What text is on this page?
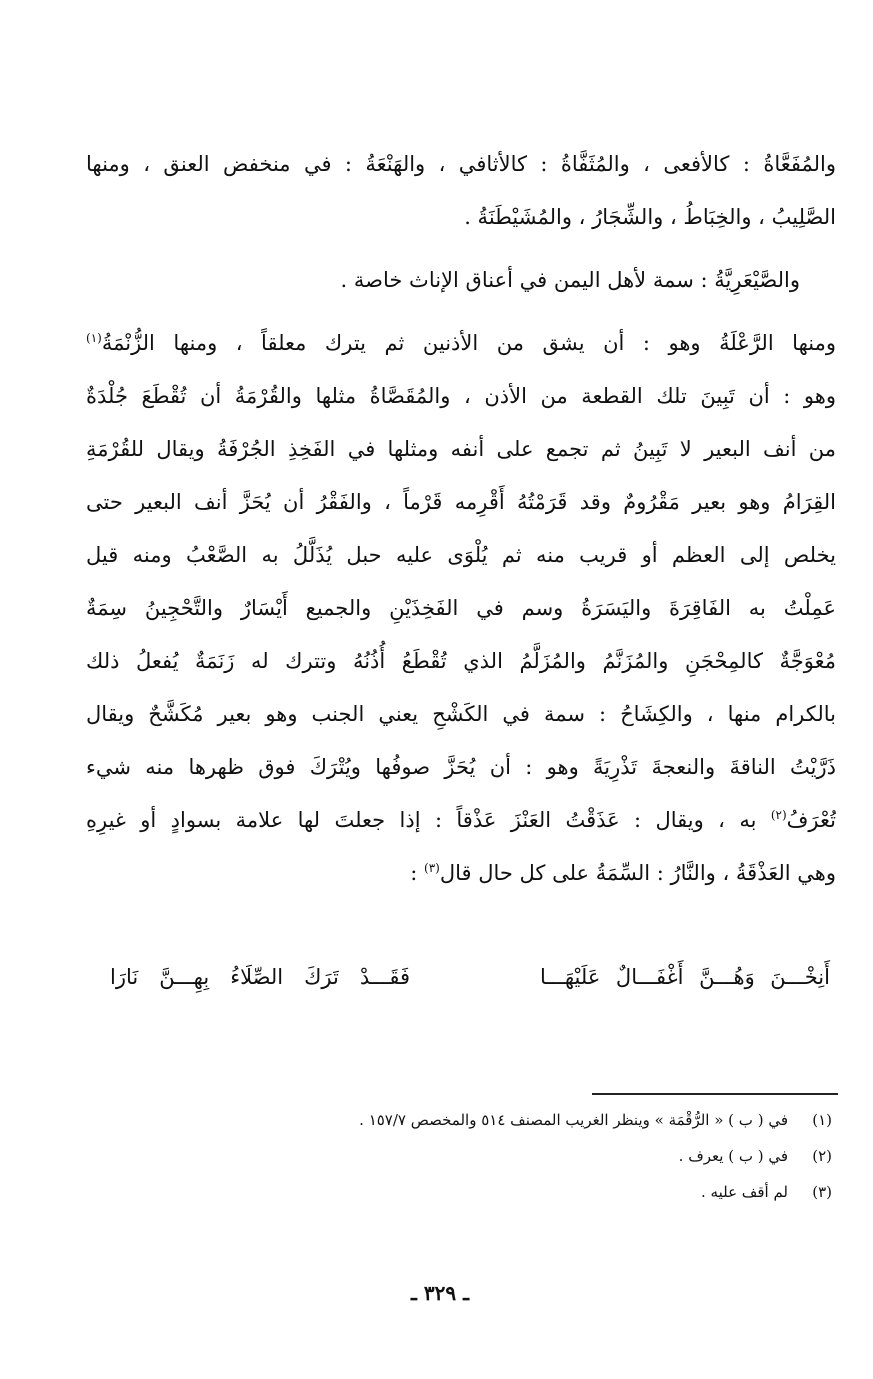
والمُفَعَّاةُ : كالأفعى ، والمُثَفَّاةُ : كالأثافي ، والهَنْعَةُ : في منخفض العنق ، ومنها
الصَّلِيبُ ، والخِبَاطُ ، والشِّجَارُ ، والمُشَيْطَنَةُ .
والصَّيْعَرِيَّةُ : سمة لأهل اليمن في أعناق الإناث خاصة .
ومنها الرَّعْلَةُ وهو : أن يشق من الأذنين ثم يترك معلقاً ، ومنها الزُّنْمَةُ$^{(١)}$
وهو : أن تَبِينَ تلك القطعة من الأذن ، والمُقَصَّاةُ مثلها والقُرْمَةُ أن تُقْطَعَ جُلْدَةٌ
من أنف البعير لا تَبِينُ ثم تجمع على أنفه ومثلها في الفَخِذِ الجُرْفَةُ ويقال للقُرْمَةِ
القِرَامُ وهو بعير مَقْرُومٌ وقد قَرَمْتُهُ أَقْرِمه قَرْماً ، والفَقْرُ أن يُحَزَّ أنف البعير حتى
يخلص إلى العظم أو قريب منه ثم يُلْوَى عليه حبل يُذَلَّلُ به الصَّعْبُ ومنه قيل
عَمِلْتُ به الفَاقِرَةَ واليَسَرَةُ وسم في الفَخِذَيْنِ والجميع أَيْسَارٌ والتَّحْجِينُ سِمَةٌ
مُعْوَجَّةٌ كالمِحْجَنِ والمُزَنَّمُ والمُزَلَّمُ الذي تُقْطَعُ أُذُنُهُ وتترك له زَنَمَةٌ يُفعلُ ذلك
بالكرام منها ، والكِشَاحُ : سمة في الكَشْحِ يعني الجنب وهو بعير مُكَشَّحٌ ويقال
ذَرَّيْتُ الناقةَ والنعجةَ تَذْرِيَةً وهو : أن يُحَزَّ صوفُها ويُتْرَكَ فوق ظهرها منه شيء
تُعْرَفُ$^{(٢)}$ به ، ويقال : عَذَقْتُ العَنْزَ عَذْقاً : إذا جعلتَ لها علامة بسوادٍ أو غيرِهِ
وهي العَذْقَةُ ، والنَّارُ : السِّمَةُ على كل حال قال$^{(٣)}$ :
أَنِخْـــنَ وَهُـــنَّ أَغْفَـــالٌ عَلَيْهَـــا
فَقَـــدْ تَرَكَ الصِّلَاءُ بِهِـــنَّ نَارَا
(١)في ( ب ) « الرُّقْمَة » وينظر الغريب المصنف ٥١٤ والمخصص ١٥٧/٧ .
(٢)في ( ب ) يعرف .
(٣)لم أقف عليه .
ـ ٣٢٩ ـ
